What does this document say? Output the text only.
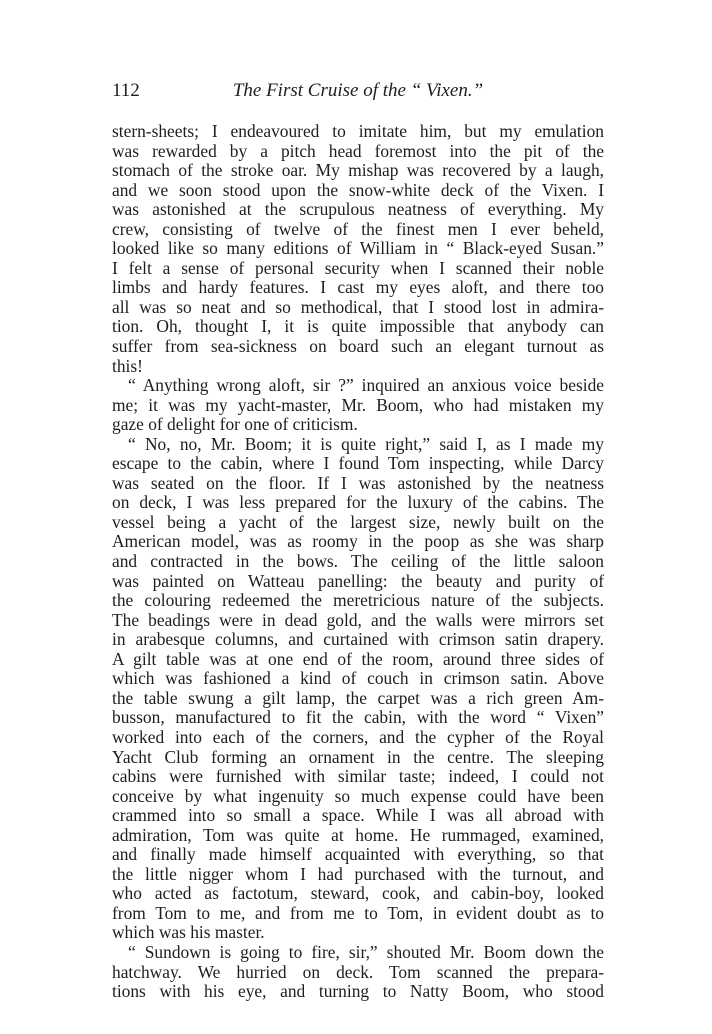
112	The First Cruise of the “ Vixen.”
stern-sheets; I endeavoured to imitate him, but my emulation
was rewarded by a pitch head foremost into the pit of the
stomach of the stroke oar. My mishap was recovered by a laugh,
and we soon stood upon the snow-white deck of the Vixen. I
was astonished at the scrupulous neatness of everything. My
crew, consisting of twelve of the finest men I ever beheld,
looked like so many editions of William in “ Black-eyed Susan.”
I felt a sense of personal security when I scanned their noble
limbs and hardy features. I cast my eyes aloft, and there too
all was so neat and so methodical, that I stood lost in admira-
tion. Oh, thought I, it is quite impossible that anybody can
suffer from sea-sickness on board such an elegant turnout as
this!
“ Anything wrong aloft, sir ?” inquired an anxious voice beside
me; it was my yacht-master, Mr. Boom, who had mistaken my
gaze of delight for one of criticism.
“ No, no, Mr. Boom; it is quite right,” said I, as I made my
escape to the cabin, where I found Tom inspecting, while Darcy
was seated on the floor. If I was astonished by the neatness
on deck, I was less prepared for the luxury of the cabins. The
vessel being a yacht of the largest size, newly built on the
American model, was as roomy in the poop as she was sharp
and contracted in the bows. The ceiling of the little saloon
was painted on Watteau panelling: the beauty and purity of
the colouring redeemed the meretricious nature of the subjects.
The beadings were in dead gold, and the walls were mirrors set
in arabesque columns, and curtained with crimson satin drapery.
A gilt table was at one end of the room, around three sides of
which was fashioned a kind of couch in crimson satin. Above
the table swung a gilt lamp, the carpet was a rich green Am-
busson, manufactured to fit the cabin, with the word “ Vixen”
worked into each of the corners, and the cypher of the Royal
Yacht Club forming an ornament in the centre. The sleeping
cabins were furnished with similar taste; indeed, I could not
conceive by what ingenuity so much expense could have been
crammed into so small a space. While I was all abroad with
admiration, Tom was quite at home. He rummaged, examined,
and finally made himself acquainted with everything, so that
the little nigger whom I had purchased with the turnout, and
who acted as factotum, steward, cook, and cabin-boy, looked
from Tom to me, and from me to Tom, in evident doubt as to
which was his master.
“ Sundown is going to fire, sir,” shouted Mr. Boom down the
hatchway. We hurried on deck. Tom scanned the prepara-
tions with his eye, and turning to Natty Boom, who stood
